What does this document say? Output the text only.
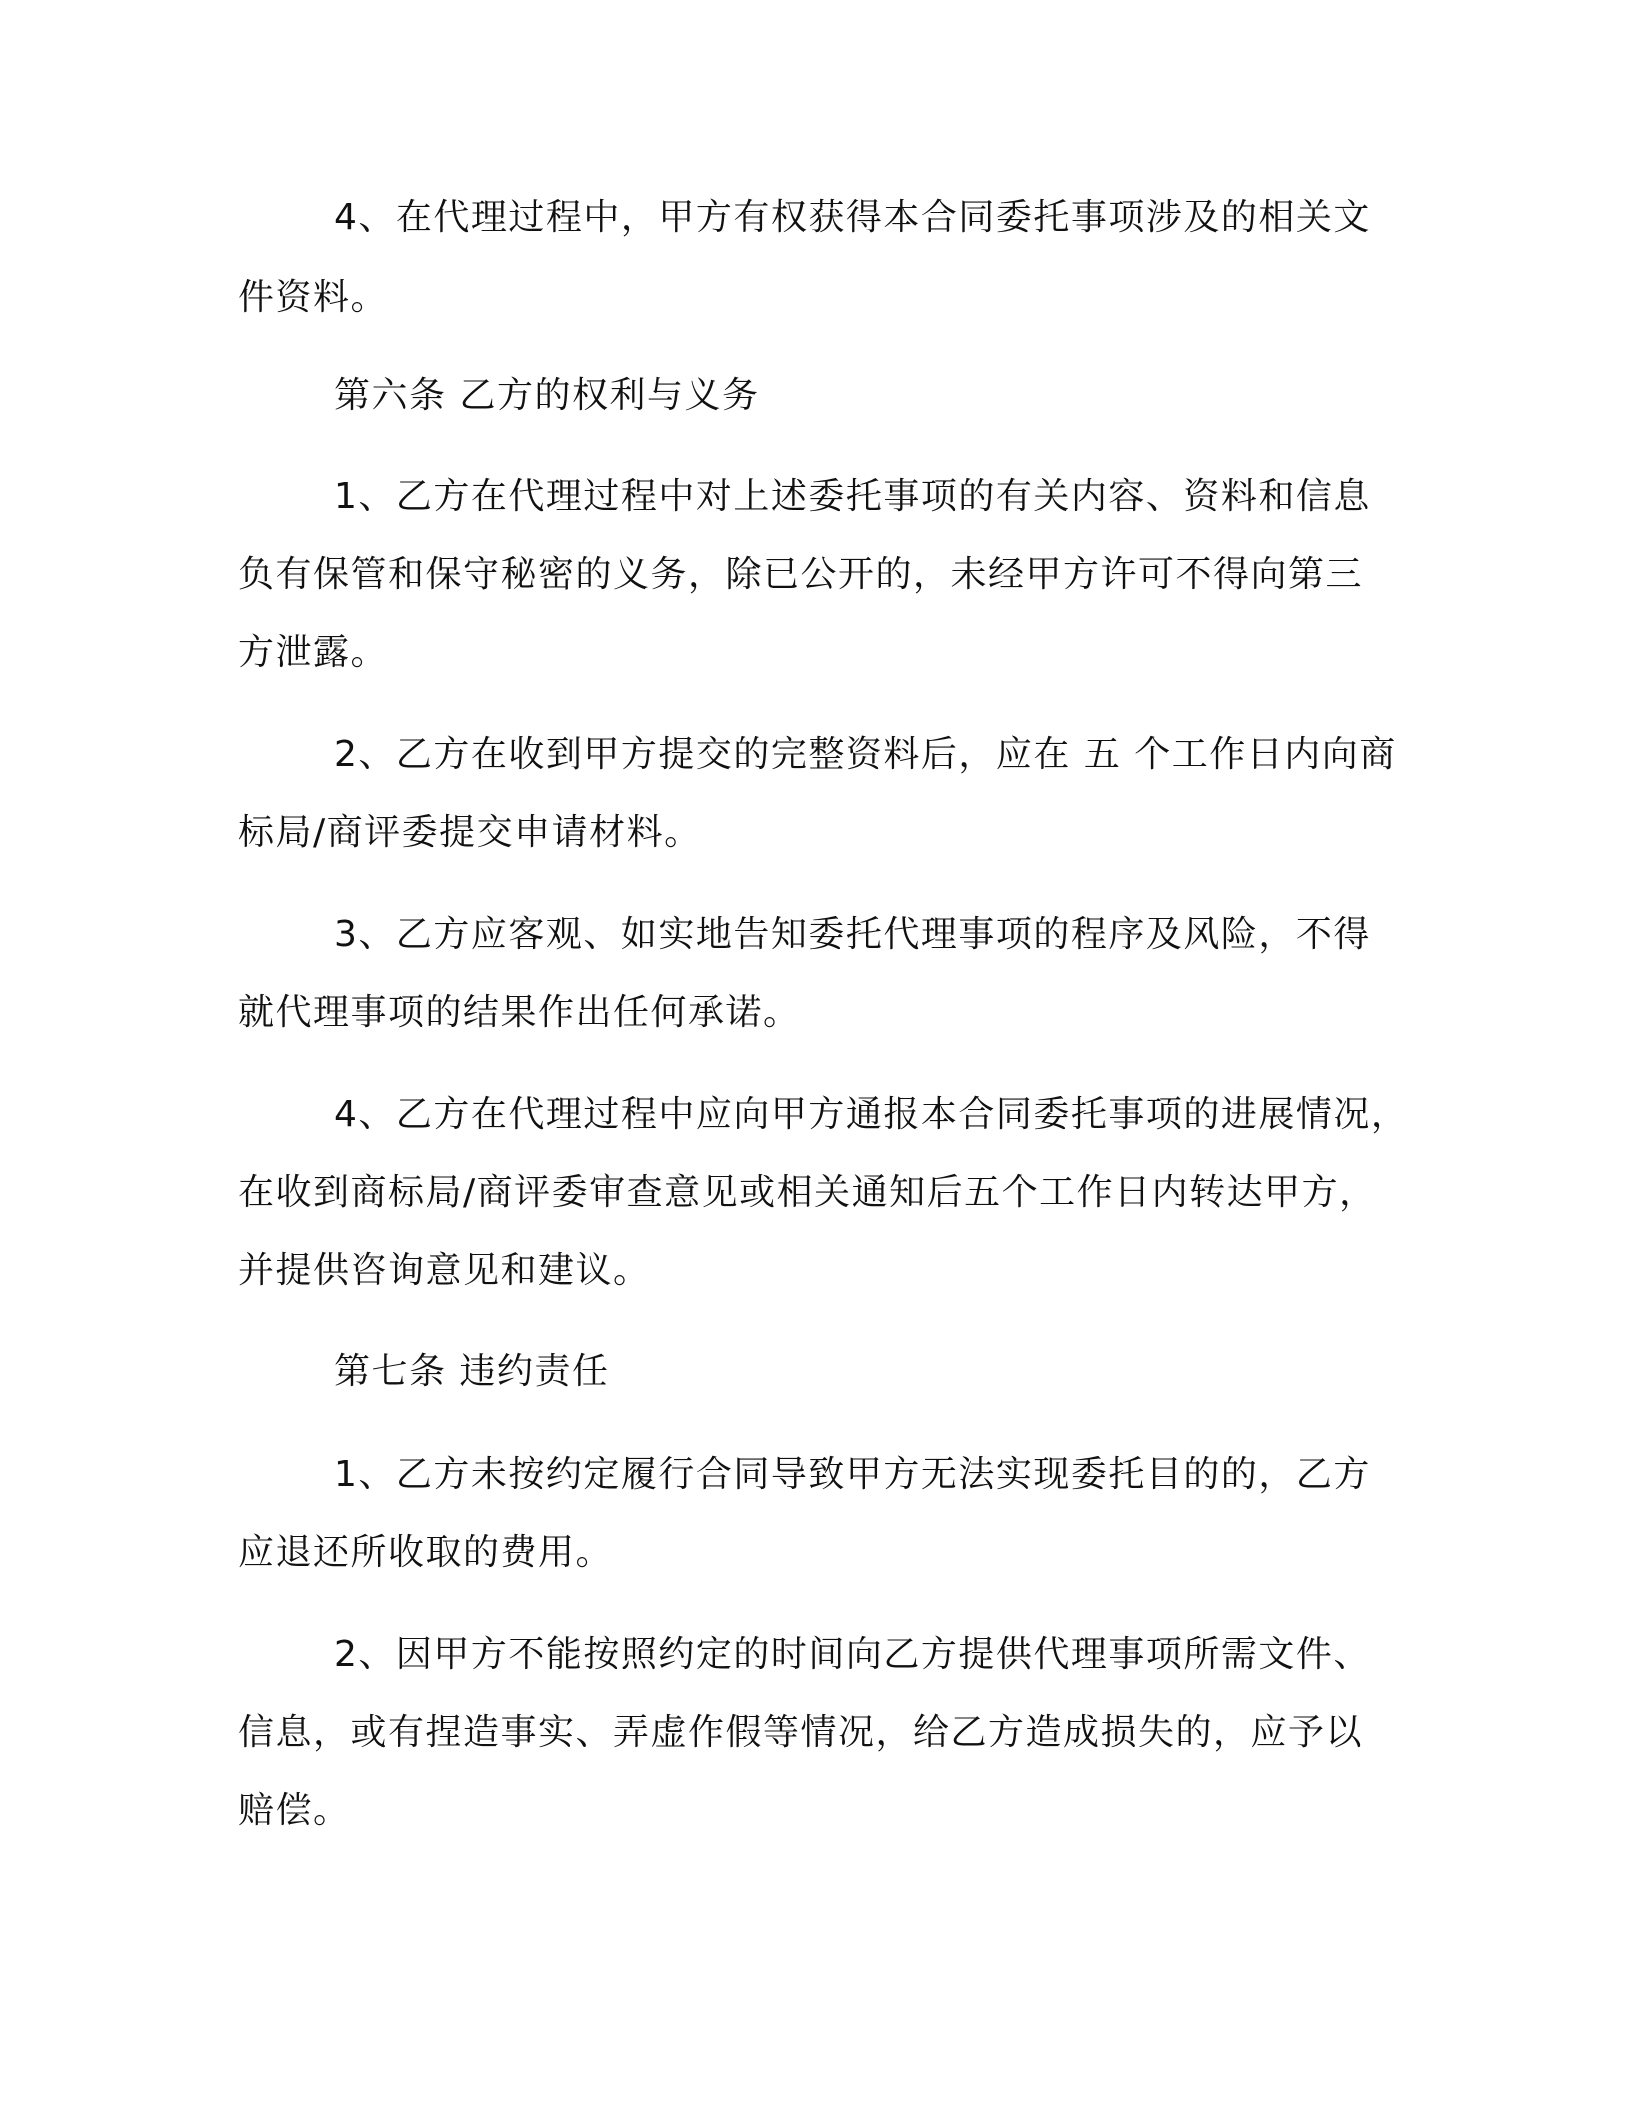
4、在代理过程中，甲方有权获得本合同委托事项涉及的相关文
件资料。
第六条 乙方的权利与义务
1、乙方在代理过程中对上述委托事项的有关内容、资料和信息
负有保管和保守秘密的义务，除已公开的，未经甲方许可不得向第三
方泄露。
2、乙方在收到甲方提交的完整资料后，应在 五 个工作日内向商
标局/商评委提交申请材料。
3、乙方应客观、如实地告知委托代理事项的程序及风险，不得
就代理事项的结果作出任何承诺。
4、乙方在代理过程中应向甲方通报本合同委托事项的进展情况，
在收到商标局/商评委审查意见或相关通知后五个工作日内转达甲方，
并提供咨询意见和建议。
第七条 违约责任
1、乙方未按约定履行合同导致甲方无法实现委托目的的，乙方
应退还所收取的费用。
2、因甲方不能按照约定的时间向乙方提供代理事项所需文件、
信息，或有捏造事实、弄虚作假等情况，给乙方造成损失的，应予以
赔偿。
